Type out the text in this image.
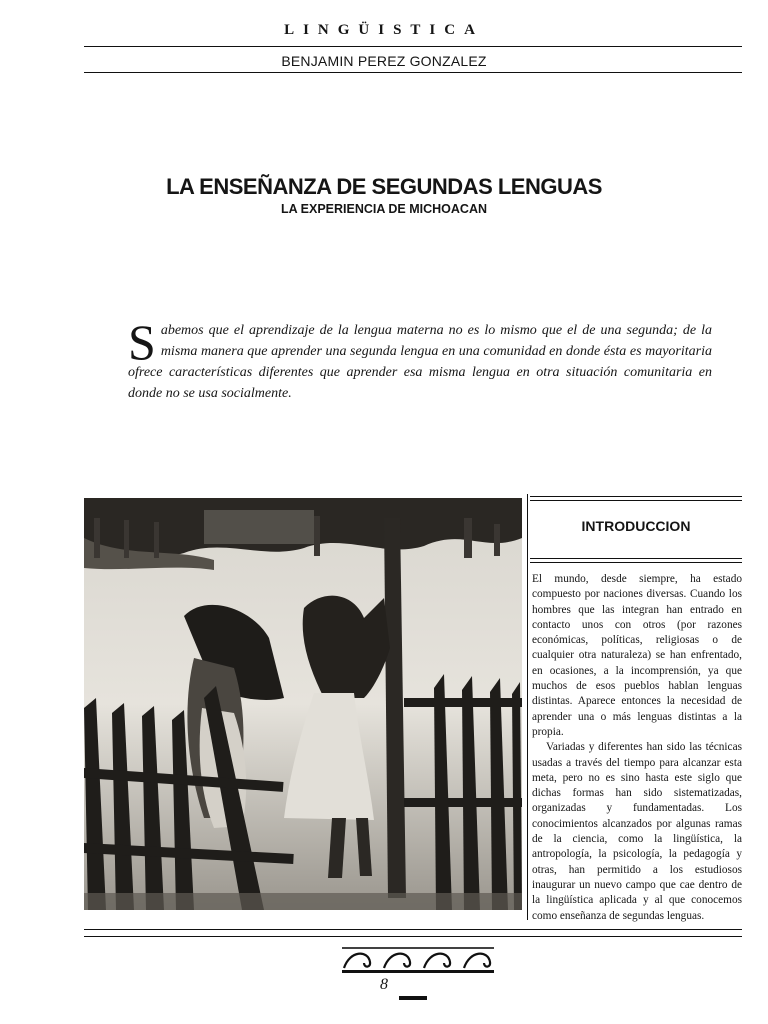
LINGÜISTICA
BENJAMIN PEREZ GONZALEZ
LA ENSEÑANZA DE SEGUNDAS LENGUAS
LA EXPERIENCIA DE MICHOACAN
S abemos que el aprendizaje de la lengua materna no es lo mismo que el de una segunda; de la misma manera que aprender una segunda lengua en una comunidad en donde ésta es mayoritaria ofrece características diferentes que aprender esa misma lengua en otra situación comunitaria en donde no se usa socialmente.
INTRODUCCION

El mundo, desde siempre, ha estado compuesto por naciones diversas. Cuando los hombres que las integran han entrado en contacto unos con otros (por razones económicas, políticas, religiosas o de cualquier otra naturaleza) se han enfrentado, en ocasiones, a la incomprensión, ya que muchos de esos pueblos hablan lenguas distintas. Aparece entonces la necesidad de aprender una o más lenguas distintas a la propia.

Variadas y diferentes han sido las técnicas usadas a través del tiempo para alcanzar esta meta, pero no es sino hasta este siglo que dichas formas han sido sistematizadas, organizadas y fundamentadas. Los conocimientos alcanzados por algunas ramas de la ciencia, como la lingüística, la antropología, la psicología, la pedagogía y otras, han permitido a los estudiosos inaugurar un nuevo campo que cae dentro de la lingüística aplicada y al que conocemos como enseñanza de segundas lenguas.

8
